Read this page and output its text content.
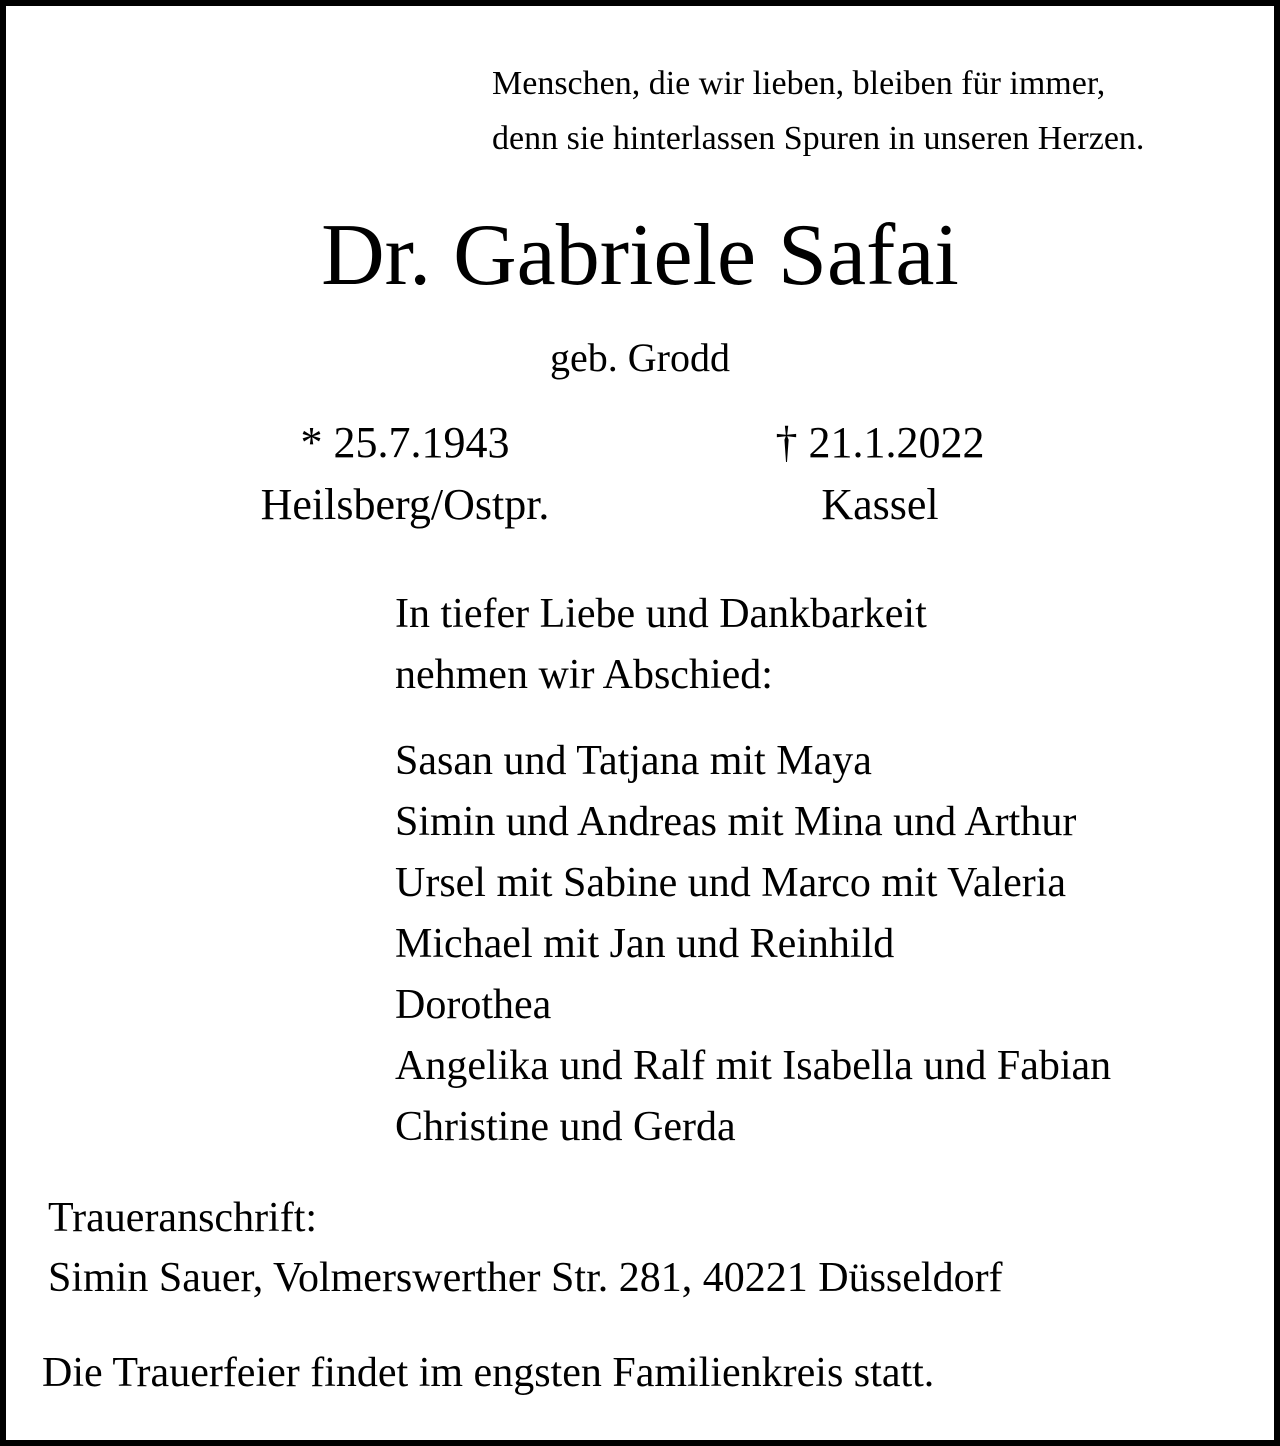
Menschen, die wir lieben, bleiben für immer,
denn sie hinterlassen Spuren in unseren Herzen.
Dr. Gabriele Safai
geb. Grodd
* 25.7.1943
Heilsberg/Ostpr.
† 21.1.2022
Kassel
In tiefer Liebe und Dankbarkeit
nehmen wir Abschied:
Sasan und Tatjana mit Maya
Simin und Andreas mit Mina und Arthur
Ursel mit Sabine und Marco mit Valeria
Michael mit Jan und Reinhild
Dorothea
Angelika und Ralf mit Isabella und Fabian
Christine und Gerda
Traueranschrift:
Simin Sauer, Volmerswerther Str. 281, 40221 Düsseldorf
Die Trauerfeier findet im engsten Familienkreis statt.
